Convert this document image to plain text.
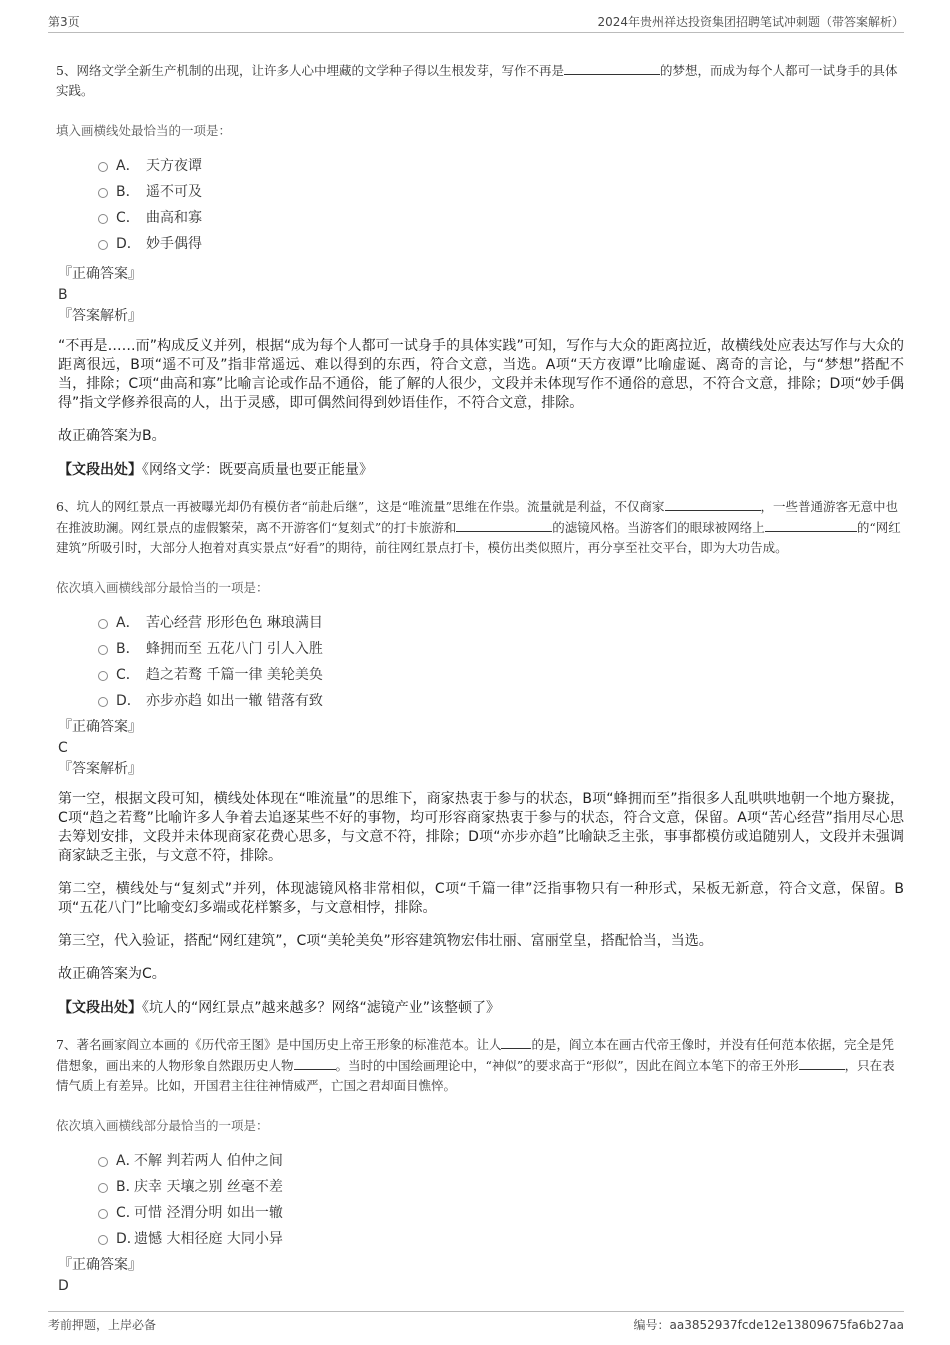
第3页	2024年贵州祥达投资集团招聘笔试冲刺题（带答案解析）
5、网络文学全新生产机制的出现，让许多人心中埋藏的文学种子得以生根发芽，写作不再是	的梦想，而成为每个人都可一试身手的具体实践。
填入画横线处最恰当的一项是：
A． 天方夜谭
B． 遥不可及
C． 曲高和寡
D． 妙手偶得
『正确答案』
B
『答案解析』

“不再是……而”构成反义并列，根据“成为每个人都可一试身手的具体实践”可知，写作与大众的距离拉近，故横线处应表达写作与大众的距离很远，B项“遥不可及”指非常遥远、难以得到的东西，符合文意，当选。A项“天方夜谭”比喻虚诞、离奇的言论，与“梦想”搭配不当，排除；C项“曲高和寡”比喻言论或作品不通俗，能了解的人很少，文段并未体现写作不通俗的意思，不符合文意，排除；D项“妙手偶得”指文学修养很高的人，出于灵感，即可偶然间得到妙语佳作，不符合文意，排除。

故正确答案为B。

【文段出处】《网络文学：既要高质量也要正能量》
6、坑人的网红景点一再被曝光却仍有模仿者“前赴后继”，这是“唯流量”思维在作祟。流量就是利益，不仅商家	，一些普通游客无意中也在推波助澜。网红景点的虚假繁荣，离不开游客们“复刻式”的打卡旅游和	的滤镜风格。当游客们的眼球被网络上	的“网红建筑”所吸引时，大部分人抱着对真实景点“好看”的期待，前往网红景点打卡，模仿出类似照片，再分享至社交平台，即为大功告成。
依次填入画横线部分最恰当的一项是：
A． 苦心经营 形形色色 琳琅满目
B． 蜂拥而至 五花八门 引人入胜
C． 趋之若鹜 千篇一律 美轮美奂
D． 亦步亦趋 如出一辙 错落有致
『正确答案』
C
『答案解析』

第一空，根据文段可知，横线处体现在“唯流量”的思维下，商家热衷于参与的状态，B项“蜂拥而至”指很多人乱哄哄地朝一个地方聚拢，C项“趋之若鹜”比喻许多人争着去追逐某些不好的事物，均可形容商家热衷于参与的状态，符合文意，保留。A项“苦心经营”指用尽心思去筹划安排，文段并未体现商家花费心思多，与文意不符，排除；D项“亦步亦趋”比喻缺乏主张，事事都模仿或追随别人，文段并未强调商家缺乏主张，与文意不符，排除。

第二空，横线处与“复刻式”并列，体现滤镜风格非常相似，C项“千篇一律”泛指事物只有一种形式，呆板无新意，符合文意，保留。B项“五花八门”比喻变幻多端或花样繁多，与文意相悖，排除。

第三空，代入验证，搭配“网红建筑”，C项“美轮美奂”形容建筑物宏伟壮丽、富丽堂皇，搭配恰当，当选。

故正确答案为C。

【文段出处】《坑人的“网红景点”越来越多？网络“滤镜产业”该整顿了》
7、著名画家阎立本画的《历代帝王图》是中国历史上帝王形象的标准范本。让人 的是，阎立本在画古代帝王像时，并没有任何范本依据，完全是凭借想象，画出来的人物形象自然跟历史人物	。当时的中国绘画理论中，“神似”的要求高于“形似”，因此在阎立本笔下的帝王外形	，只在表情气质上有差异。比如，开国君主往往神情威严，亡国之君却面目憔悴。
依次填入画横线部分最恰当的一项是：
A．不解 判若两人 伯仲之间
B．庆幸 天壤之别 丝毫不差
C．可惜 泾渭分明 如出一辙
D．遗憾 大相径庭 大同小异
『正确答案』
D
考前押题，上岸必备	编号：aa3852937fcde12e13809675fa6b27aa
